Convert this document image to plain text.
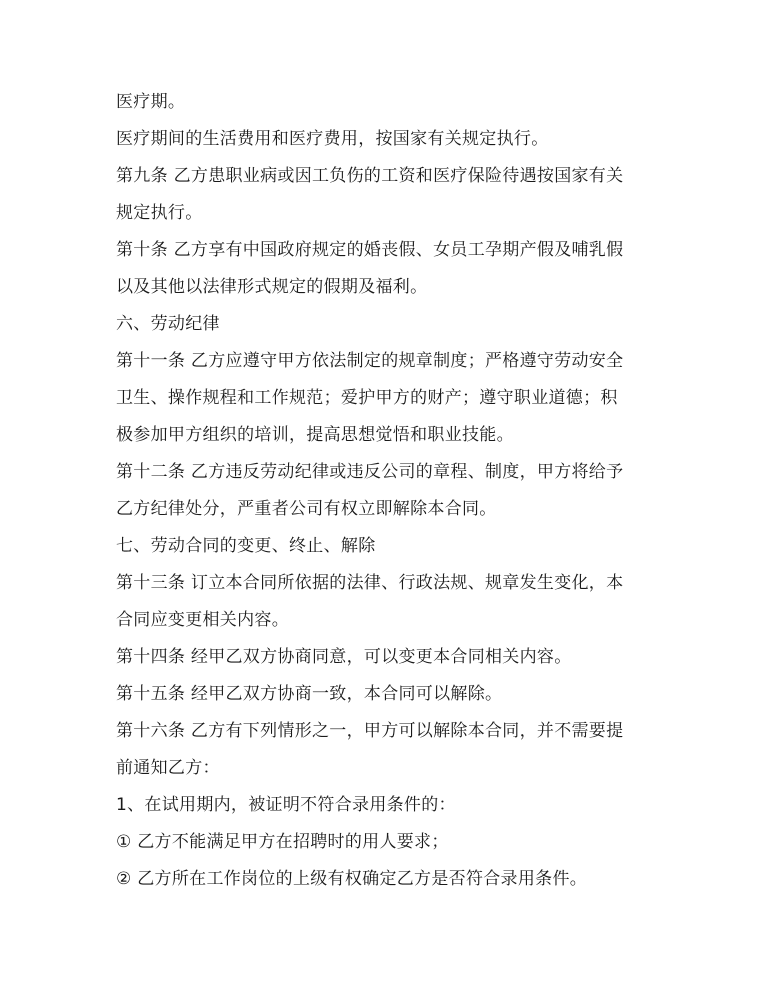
医疗期。
医疗期间的生活费用和医疗费用，按国家有关规定执行。
第九条 乙方患职业病或因工负伤的工资和医疗保险待遇按国家有关
规定执行。
第十条 乙方享有中国政府规定的婚丧假、女员工孕期产假及哺乳假
以及其他以法律形式规定的假期及福利。
六、劳动纪律
第十一条 乙方应遵守甲方依法制定的规章制度；严格遵守劳动安全
卫生、操作规程和工作规范；爱护甲方的财产；遵守职业道德；积
极参加甲方组织的培训，提高思想觉悟和职业技能。
第十二条 乙方违反劳动纪律或违反公司的章程、制度，甲方将给予
乙方纪律处分，严重者公司有权立即解除本合同。
七、劳动合同的变更、终止、解除
第十三条 订立本合同所依据的法律、行政法规、规章发生变化，本
合同应变更相关内容。
第十四条 经甲乙双方协商同意，可以变更本合同相关内容。
第十五条 经甲乙双方协商一致，本合同可以解除。
第十六条 乙方有下列情形之一，甲方可以解除本合同，并不需要提
前通知乙方：
1、在试用期内，被证明不符合录用条件的：
① 乙方不能满足甲方在招聘时的用人要求；
② 乙方所在工作岗位的上级有权确定乙方是否符合录用条件。
